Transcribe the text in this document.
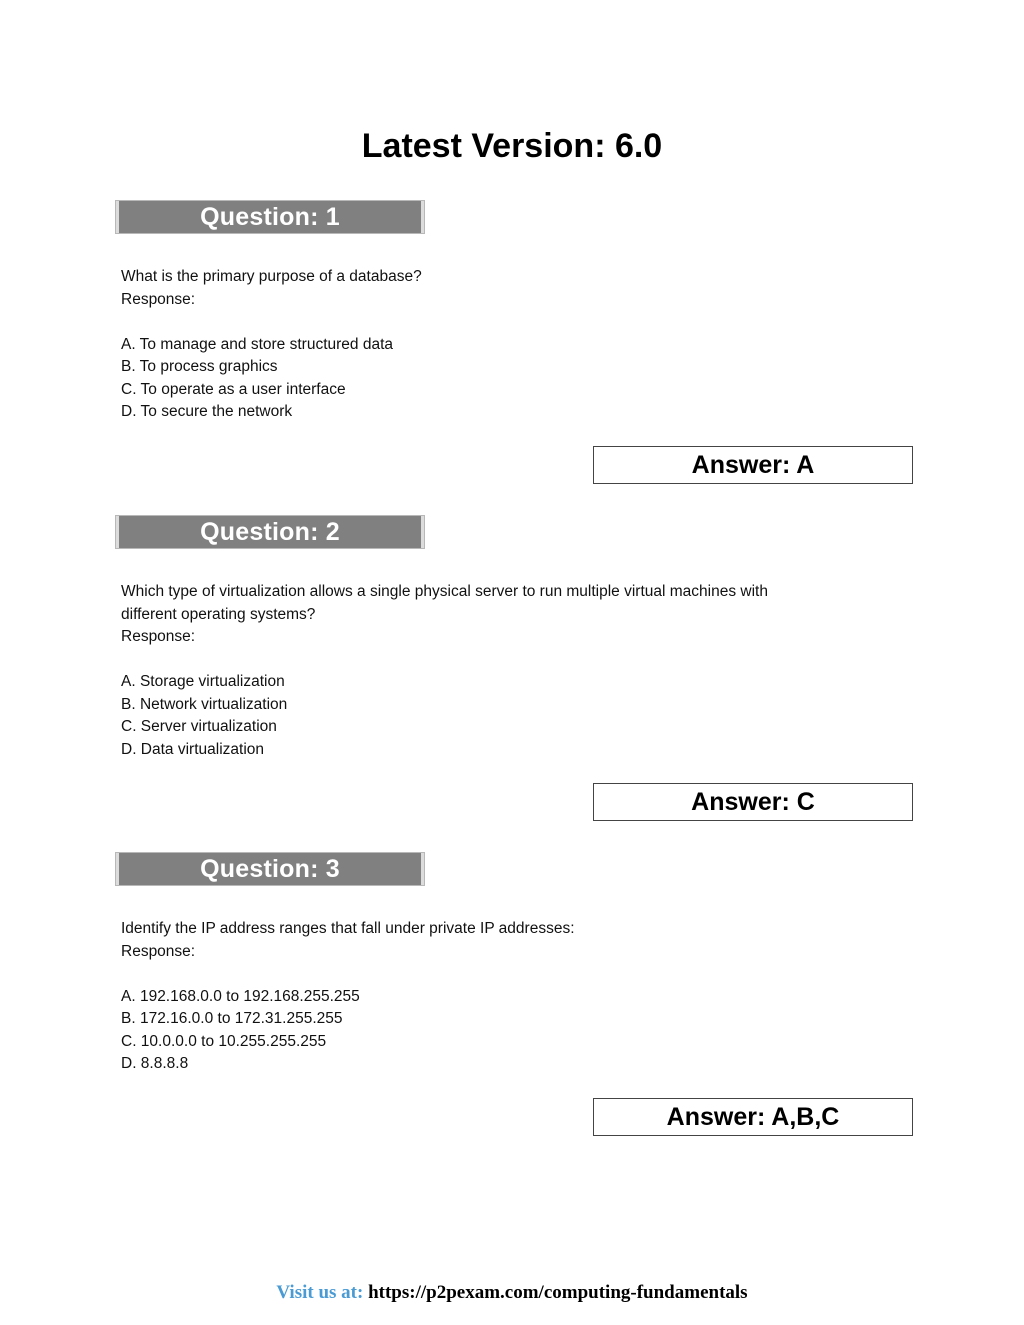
Latest Version: 6.0
Question: 1

What is the primary purpose of a database?

Response:

A. To manage and store structured data

B. To process graphics

C. To operate as a user interface

D. To secure the network

Answer: A
Question: 2

Which type of virtualization allows a single physical server to run multiple virtual machines with

different operating systems?

Response:

A. Storage virtualization

B. Network virtualization

C. Server virtualization

D. Data virtualization

Answer: C
Question: 3

Identify the IP address ranges that fall under private IP addresses:

Response:

A. 192.168.0.0 to 192.168.255.255

B. 172.16.0.0 to 172.31.255.255

C. 10.0.0.0 to 10.255.255.255

D. 8.8.8.8

Answer: A,B,C
Visit us at: https://p2pexam.com/computing-fundamentals
